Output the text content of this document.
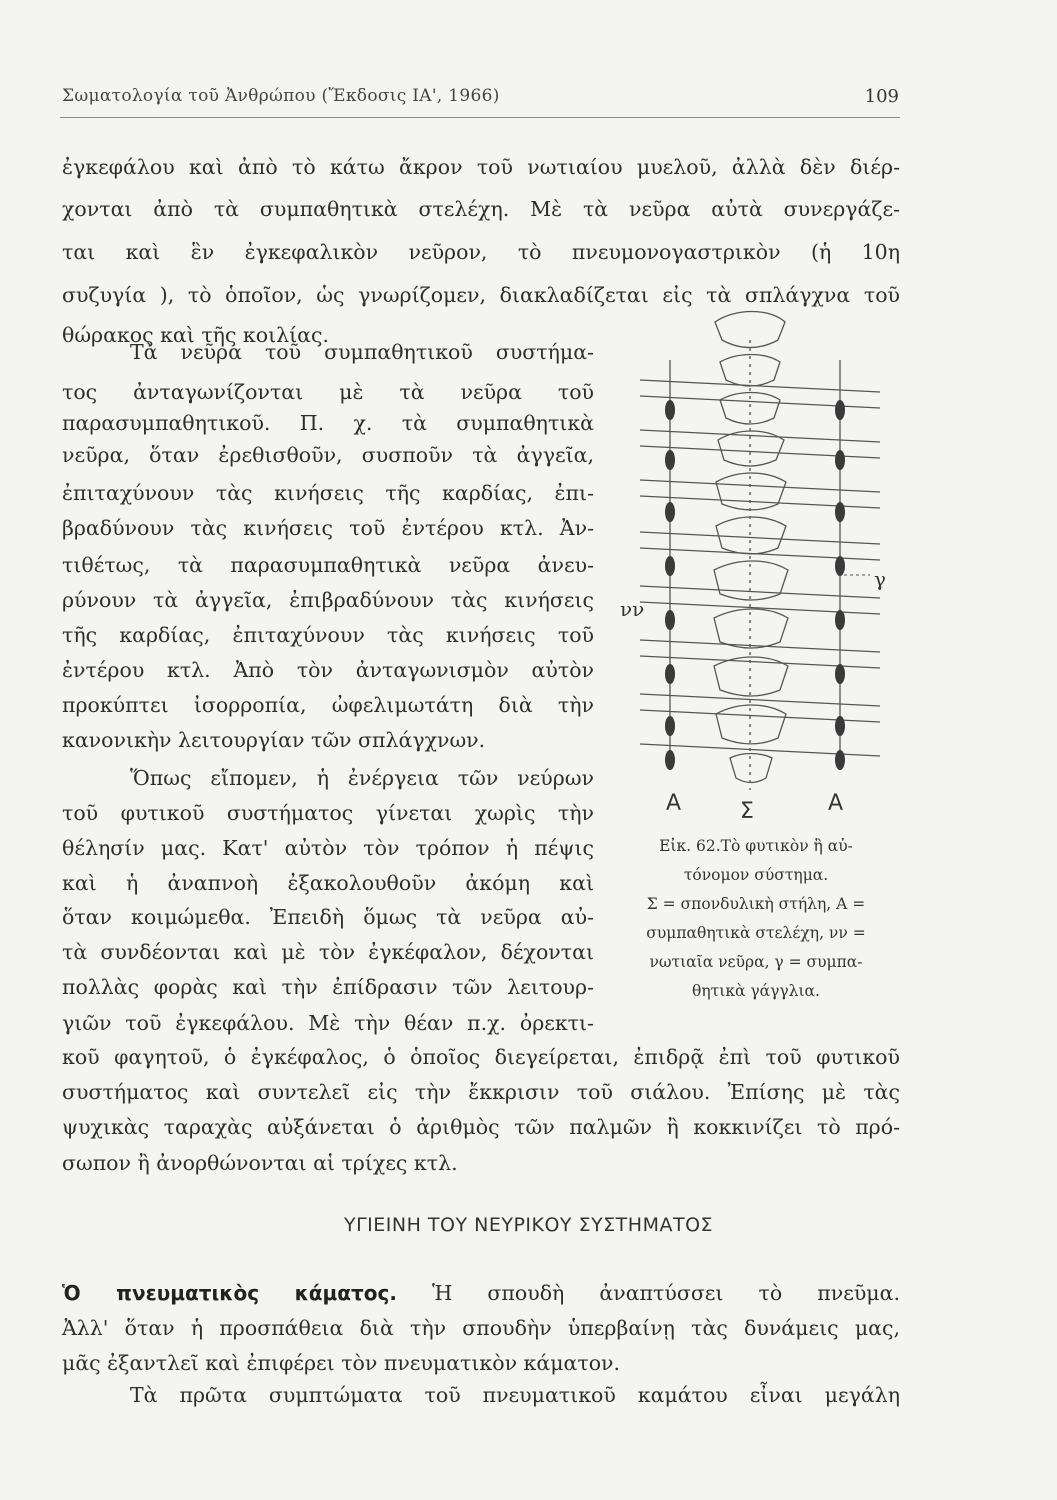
Σωματολογία τοῦ Ἀνθρώπου (Ἔκδοσις ΙΑ', 1966)	109
ἐγκεφάλου καὶ ἀπὸ τὸ κάτω ἄκρον τοῦ νωτιαίου μυελοῦ, ἀλλὰ δὲν διέρ-
χονται ἀπὸ τὰ συμπαθητικὰ στελέχη. Μὲ τὰ νεῦρα αὐτὰ συνεργάζε-
ται καὶ ἓν ἐγκεφαλικὸν νεῦρον, τὸ πνευμονογαστρικὸν (ἡ 10η
συζυγία ), τὸ ὁποῖον, ὡς γνωρίζομεν, διακλαδίζεται εἰς τὰ σπλάγχνα τοῦ
θώρακος καὶ τῆς κοιλίας.
Τὰ νεῦρα τοῦ συμπαθητικοῦ συστήμα-
τος ἀνταγωνίζονται μὲ τὰ νεῦρα τοῦ
παρασυμπαθητικοῦ. Π. χ. τὰ συμπαθητικὰ
νεῦρα, ὅταν ἐρεθισθοῦν, συσποῦν τὰ ἀγγεῖα,
ἐπιταχύνουν τὰς κινήσεις τῆς καρδίας, ἐπι-
βραδύνουν τὰς κινήσεις τοῦ ἐντέρου κτλ. Ἀν-
τιθέτως, τὰ παρασυμπαθητικὰ νεῦρα ἀνευ-
ρύνουν τὰ ἀγγεῖα, ἐπιβραδύνουν τὰς κινήσεις
τῆς καρδίας, ἐπιταχύνουν τὰς κινήσεις τοῦ
ἐντέρου κτλ. Ἀπὸ τὸν ἀνταγωνισμὸν αὐτὸν
προκύπτει ἰσορροπία, ὠφελιμωτάτη διὰ τὴν
κανονικὴν λειτουργίαν τῶν σπλάγχνων.
Ὅπως εἴπομεν, ἡ ἐνέργεια τῶν νεύρων
τοῦ φυτικοῦ συστήματος γίνεται χωρὶς τὴν
θέλησίν μας. Κατ' αὐτὸν τὸν τρόπον ἡ πέψις
καὶ ἡ ἀναπνοὴ ἐξακολουθοῦν ἀκόμη καὶ
ὅταν κοιμώμεθα. Ἐπειδὴ ὅμως τὰ νεῦρα αὐ-
τὰ συνδέονται καὶ μὲ τὸν ἐγκέφαλον, δέχονται
πολλὰς φορὰς καὶ τὴν ἐπίδρασιν τῶν λειτουρ-
γιῶν τοῦ ἐγκεφάλου. Μὲ τὴν θέαν π.χ. ὀρεκτι-
κοῦ φαγητοῦ, ὁ ἐγκέφαλος, ὁ ὁποῖος διεγείρεται, ἐπιδρᾷ ἐπὶ τοῦ φυτικοῦ
συστήματος καὶ συντελεῖ εἰς τὴν ἔκκρισιν τοῦ σιάλου. Ἐπίσης μὲ τὰς
ψυχικὰς ταραχὰς αὐξάνεται ὁ ἀριθμὸς τῶν παλμῶν ἢ κοκκινίζει τὸ πρό-
σωπον ἢ ἀνορθώνονται αἱ τρίχες κτλ.
ΥΓΙΕΙΝΗ ΤΟΥ ΝΕΥΡΙΚΟΥ ΣΥΣΤΗΜΑΤΟΣ
Ὁ πνευματικὸς κάματος. Ἡ σπουδὴ ἀναπτύσσει τὸ πνεῦμα.
Ἀλλ' ὅταν ἡ προσπάθεια διὰ τὴν σπουδὴν ὑπερβαίνῃ τὰς δυνάμεις μας,
μᾶς ἐξαντλεῖ καὶ ἐπιφέρει τὸν πνευματικὸν κάματον.
Τὰ πρῶτα συμπτώματα τοῦ πνευματικοῦ καμάτου εἶναι μεγάλη
νν
γ
Α	Σ	Α
Εἰκ. 62.Τὸ φυτικὸν ἢ αὐ-
τόνομον σύστημα.
Σ = σπονδυλικὴ στήλη, Α =
συμπαθητικὰ στελέχη, νν =
νωτιαῖα νεῦρα, γ = συμπα-
θητικὰ γάγγλια.
